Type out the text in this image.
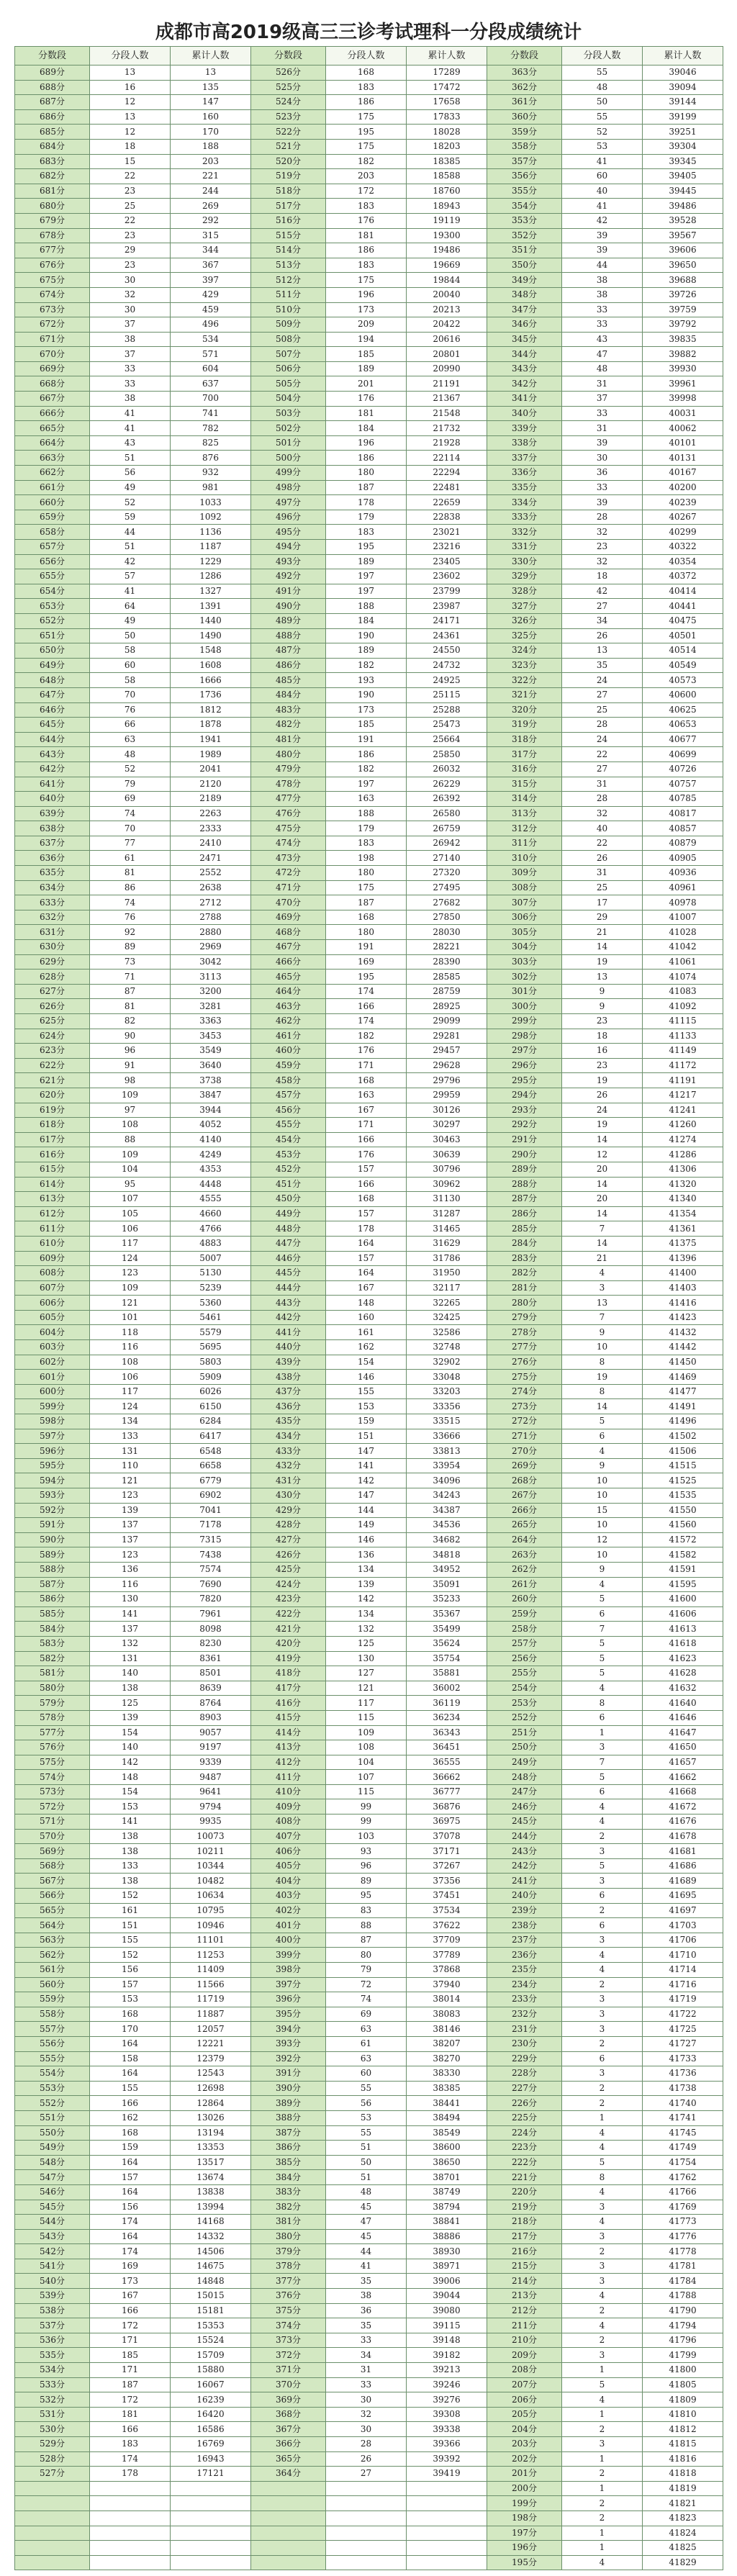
成都市高2019级高三三诊考试理科一分段成绩统计
分数段	分段人数	累计人数	分数段	分段人数	累计人数	分数段	分段人数	累计人数
689分	13	13	526分	168	17289	363分	55	39046
688分	16	135	525分	183	17472	362分	48	39094
687分	12	147	524分	186	17658	361分	50	39144
686分	13	160	523分	175	17833	360分	55	39199
685分	12	170	522分	195	18028	359分	52	39251
684分	18	188	521分	175	18203	358分	53	39304
683分	15	203	520分	182	18385	357分	41	39345
682分	22	221	519分	203	18588	356分	60	39405
681分	23	244	518分	172	18760	355分	40	39445
680分	25	269	517分	183	18943	354分	41	39486
679分	22	292	516分	176	19119	353分	42	39528
678分	23	315	515分	181	19300	352分	39	39567
677分	29	344	514分	186	19486	351分	39	39606
676分	23	367	513分	183	19669	350分	44	39650
675分	30	397	512分	175	19844	349分	38	39688
674分	32	429	511分	196	20040	348分	38	39726
673分	30	459	510分	173	20213	347分	33	39759
672分	37	496	509分	209	20422	346分	33	39792
671分	38	534	508分	194	20616	345分	43	39835
670分	37	571	507分	185	20801	344分	47	39882
669分	33	604	506分	189	20990	343分	48	39930
668分	33	637	505分	201	21191	342分	31	39961
667分	38	700	504分	176	21367	341分	37	39998
666分	41	741	503分	181	21548	340分	33	40031
665分	41	782	502分	184	21732	339分	31	40062
664分	43	825	501分	196	21928	338分	39	40101
663分	51	876	500分	186	22114	337分	30	40131
662分	56	932	499分	180	22294	336分	36	40167
661分	49	981	498分	187	22481	335分	33	40200
660分	52	1033	497分	178	22659	334分	39	40239
659分	59	1092	496分	179	22838	333分	28	40267
658分	44	1136	495分	183	23021	332分	32	40299
657分	51	1187	494分	195	23216	331分	23	40322
656分	42	1229	493分	189	23405	330分	32	40354
655分	57	1286	492分	197	23602	329分	18	40372
654分	41	1327	491分	197	23799	328分	42	40414
653分	64	1391	490分	188	23987	327分	27	40441
652分	49	1440	489分	184	24171	326分	34	40475
651分	50	1490	488分	190	24361	325分	26	40501
650分	58	1548	487分	189	24550	324分	13	40514
649分	60	1608	486分	182	24732	323分	35	40549
648分	58	1666	485分	193	24925	322分	24	40573
647分	70	1736	484分	190	25115	321分	27	40600
646分	76	1812	483分	173	25288	320分	25	40625
645分	66	1878	482分	185	25473	319分	28	40653
644分	63	1941	481分	191	25664	318分	24	40677
643分	48	1989	480分	186	25850	317分	22	40699
642分	52	2041	479分	182	26032	316分	27	40726
641分	79	2120	478分	197	26229	315分	31	40757
640分	69	2189	477分	163	26392	314分	28	40785
639分	74	2263	476分	188	26580	313分	32	40817
638分	70	2333	475分	179	26759	312分	40	40857
637分	77	2410	474分	183	26942	311分	22	40879
636分	61	2471	473分	198	27140	310分	26	40905
635分	81	2552	472分	180	27320	309分	31	40936
634分	86	2638	471分	175	27495	308分	25	40961
633分	74	2712	470分	187	27682	307分	17	40978
632分	76	2788	469分	168	27850	306分	29	41007
631分	92	2880	468分	180	28030	305分	21	41028
630分	89	2969	467分	191	28221	304分	14	41042
629分	73	3042	466分	169	28390	303分	19	41061
628分	71	3113	465分	195	28585	302分	13	41074
627分	87	3200	464分	174	28759	301分	9	41083
626分	81	3281	463分	166	28925	300分	9	41092
625分	82	3363	462分	174	29099	299分	23	41115
624分	90	3453	461分	182	29281	298分	18	41133
623分	96	3549	460分	176	29457	297分	16	41149
622分	91	3640	459分	171	29628	296分	23	41172
621分	98	3738	458分	168	29796	295分	19	41191
620分	109	3847	457分	163	29959	294分	26	41217
619分	97	3944	456分	167	30126	293分	24	41241
618分	108	4052	455分	171	30297	292分	19	41260
617分	88	4140	454分	166	30463	291分	14	41274
616分	109	4249	453分	176	30639	290分	12	41286
615分	104	4353	452分	157	30796	289分	20	41306
614分	95	4448	451分	166	30962	288分	14	41320
613分	107	4555	450分	168	31130	287分	20	41340
612分	105	4660	449分	157	31287	286分	14	41354
611分	106	4766	448分	178	31465	285分	7	41361
610分	117	4883	447分	164	31629	284分	14	41375
609分	124	5007	446分	157	31786	283分	21	41396
608分	123	5130	445分	164	31950	282分	4	41400
607分	109	5239	444分	167	32117	281分	3	41403
606分	121	5360	443分	148	32265	280分	13	41416
605分	101	5461	442分	160	32425	279分	7	41423
604分	118	5579	441分	161	32586	278分	9	41432
603分	116	5695	440分	162	32748	277分	10	41442
602分	108	5803	439分	154	32902	276分	8	41450
601分	106	5909	438分	146	33048	275分	19	41469
600分	117	6026	437分	155	33203	274分	8	41477
599分	124	6150	436分	153	33356	273分	14	41491
598分	134	6284	435分	159	33515	272分	5	41496
597分	133	6417	434分	151	33666	271分	6	41502
596分	131	6548	433分	147	33813	270分	4	41506
595分	110	6658	432分	141	33954	269分	9	41515
594分	121	6779	431分	142	34096	268分	10	41525
593分	123	6902	430分	147	34243	267分	10	41535
592分	139	7041	429分	144	34387	266分	15	41550
591分	137	7178	428分	149	34536	265分	10	41560
590分	137	7315	427分	146	34682	264分	12	41572
589分	123	7438	426分	136	34818	263分	10	41582
588分	136	7574	425分	134	34952	262分	9	41591
587分	116	7690	424分	139	35091	261分	4	41595
586分	130	7820	423分	142	35233	260分	5	41600
585分	141	7961	422分	134	35367	259分	6	41606
584分	137	8098	421分	132	35499	258分	7	41613
583分	132	8230	420分	125	35624	257分	5	41618
582分	131	8361	419分	130	35754	256分	5	41623
581分	140	8501	418分	127	35881	255分	5	41628
580分	138	8639	417分	121	36002	254分	4	41632
579分	125	8764	416分	117	36119	253分	8	41640
578分	139	8903	415分	115	36234	252分	6	41646
577分	154	9057	414分	109	36343	251分	1	41647
576分	140	9197	413分	108	36451	250分	3	41650
575分	142	9339	412分	104	36555	249分	7	41657
574分	148	9487	411分	107	36662	248分	5	41662
573分	154	9641	410分	115	36777	247分	6	41668
572分	153	9794	409分	99	36876	246分	4	41672
571分	141	9935	408分	99	36975	245分	4	41676
570分	138	10073	407分	103	37078	244分	2	41678
569分	138	10211	406分	93	37171	243分	3	41681
568分	133	10344	405分	96	37267	242分	5	41686
567分	138	10482	404分	89	37356	241分	3	41689
566分	152	10634	403分	95	37451	240分	6	41695
565分	161	10795	402分	83	37534	239分	2	41697
564分	151	10946	401分	88	37622	238分	6	41703
563分	155	11101	400分	87	37709	237分	3	41706
562分	152	11253	399分	80	37789	236分	4	41710
561分	156	11409	398分	79	37868	235分	4	41714
560分	157	11566	397分	72	37940	234分	2	41716
559分	153	11719	396分	74	38014	233分	3	41719
558分	168	11887	395分	69	38083	232分	3	41722
557分	170	12057	394分	63	38146	231分	3	41725
556分	164	12221	393分	61	38207	230分	2	41727
555分	158	12379	392分	63	38270	229分	6	41733
554分	164	12543	391分	60	38330	228分	3	41736
553分	155	12698	390分	55	38385	227分	2	41738
552分	166	12864	389分	56	38441	226分	2	41740
551分	162	13026	388分	53	38494	225分	1	41741
550分	168	13194	387分	55	38549	224分	4	41745
549分	159	13353	386分	51	38600	223分	4	41749
548分	164	13517	385分	50	38650	222分	5	41754
547分	157	13674	384分	51	38701	221分	8	41762
546分	164	13838	383分	48	38749	220分	4	41766
545分	156	13994	382分	45	38794	219分	3	41769
544分	174	14168	381分	47	38841	218分	4	41773
543分	164	14332	380分	45	38886	217分	3	41776
542分	174	14506	379分	44	38930	216分	2	41778
541分	169	14675	378分	41	38971	215分	3	41781
540分	173	14848	377分	35	39006	214分	3	41784
539分	167	15015	376分	38	39044	213分	4	41788
538分	166	15181	375分	36	39080	212分	2	41790
537分	172	15353	374分	35	39115	211分	4	41794
536分	171	15524	373分	33	39148	210分	2	41796
535分	185	15709	372分	34	39182	209分	3	41799
534分	171	15880	371分	31	39213	208分	1	41800
533分	187	16067	370分	33	39246	207分	5	41805
532分	172	16239	369分	30	39276	206分	4	41809
531分	181	16420	368分	32	39308	205分	1	41810
530分	166	16586	367分	30	39338	204分	2	41812
529分	183	16769	366分	28	39366	203分	3	41815
528分	174	16943	365分	26	39392	202分	1	41816
527分	178	17121	364分	27	39419	201分	2	41818
						200分	1	41819
						199分	2	41821
						198分	2	41823
						197分	1	41824
						196分	1	41825
						195分	4	41829
